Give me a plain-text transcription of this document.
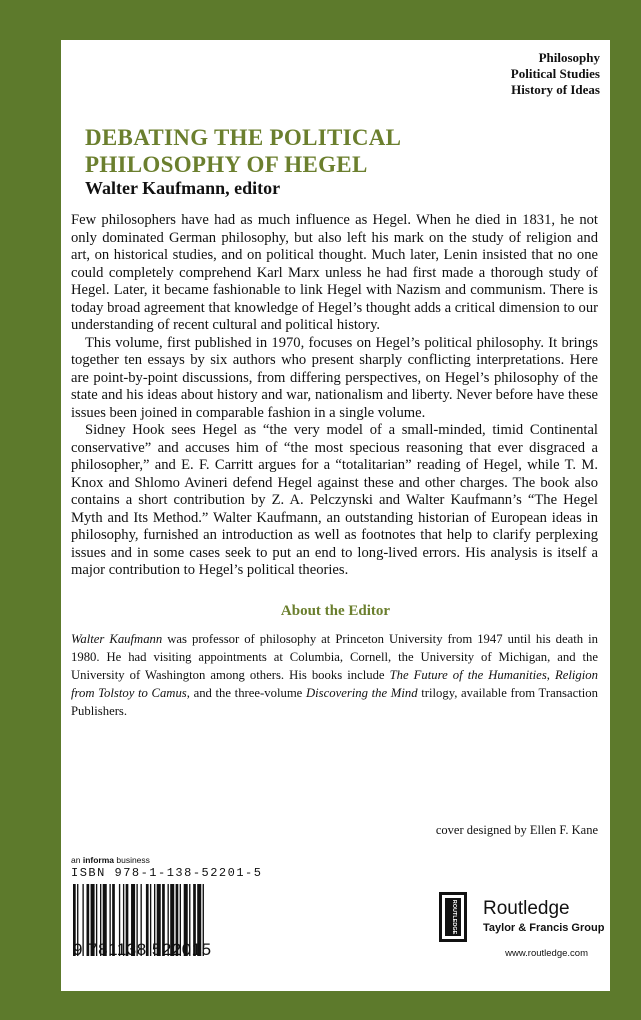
Philosophy
Political Studies
History of Ideas
DEBATING THE POLITICAL
PHILOSOPHY OF HEGEL
Walter Kaufmann, editor

Few philosophers have had as much influence as Hegel. When he died in 1831, he not only dominated German philosophy, but also left his mark on the study of religion and art, on historical studies, and on political thought. Much later, Lenin insisted that no one could completely comprehend Karl Marx unless he had first made a thorough study of Hegel. Later, it became fashionable to link Hegel with Nazism and communism. There is today broad agreement that knowledge of Hegel’s thought adds a critical dimension to our understanding of recent cultural and political history.

This volume, first published in 1970, focuses on Hegel’s political philosophy. It brings together ten essays by six authors who present sharply conflicting interpretations. Here are point-by-point discussions, from differing perspectives, on Hegel’s philosophy of the state and his ideas about history and war, nationalism and liberty. Never before have these issues been joined in comparable fashion in a single volume.

Sidney Hook sees Hegel as “the very model of a small-minded, timid Continental conservative” and accuses him of “the most specious reasoning that ever disgraced a philosopher,” and E. F. Carritt argues for a “totalitarian” reading of Hegel, while T. M. Knox and Shlomo Avineri defend Hegel against these and other charges. The book also contains a short contribution by Z. A. Pelczynski and Walter Kaufmann’s “The Hegel Myth and Its Method.” Walter Kaufmann, an outstanding historian of European ideas in philosophy, furnished an introduction as well as footnotes that help to clarify perplexing issues and in some cases seek to put an end to long-lived errors. His analysis is itself a major contribution to Hegel’s political theories.

About the Editor
Walter Kaufmann was professor of philosophy at Princeton University from 1947 until his death in 1980. He had visiting appointments at Columbia, Cornell, the University of Michigan, and the University of Washington among others. His books include The Future of the Humanities, Religion from Tolstoy to Camus, and the three-volume Discovering the Mind trilogy, available from Transaction Publishers.
cover designed by Ellen F. Kane
an informa business
ISBN 978-1-138-52201-5
9 781138 522015
ROUTLEDGE Routledge
Taylor & Francis Group
www.routledge.com
